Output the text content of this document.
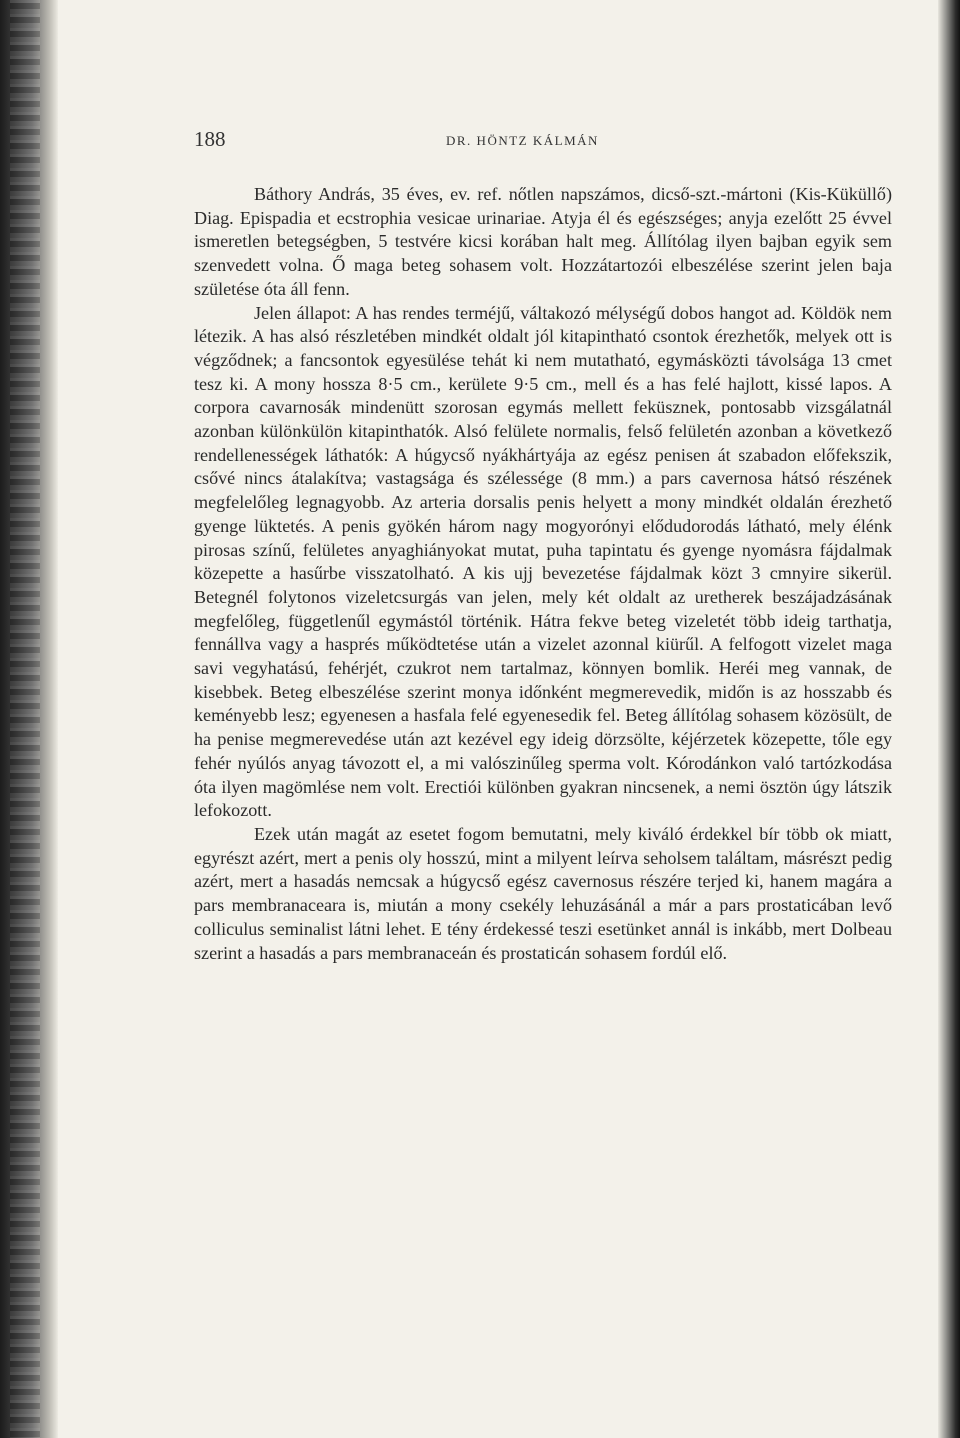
188	DR. HÖNTZ KÁLMÁN

Báthory András, 35 éves, ev. ref. nőtlen napszámos, dicső-szt.-mártoni (Kis-Küküllő) Diag. Epispadia et ecstrophia vesicae urinariae. Atyja él és egészséges; anyja ezelőtt 25 évvel ismeretlen betegségben, 5 testvére kicsi korában halt meg. Állítólag ilyen bajban egyik sem szenvedett volna. Ő maga beteg sohasem volt. Hozzátartozói elbeszélése szerint jelen baja születése óta áll fenn.

Jelen állapot: A has rendes terméjű, váltakozó mélységű dobos hangot ad. Köldök nem létezik. A has alsó részletében mindkét oldalt jól kitapintható csontok érezhetők, melyek ott is végződnek; a fancsontok egyesülése tehát ki nem mutatható, egymásközti távolsága 13 cmet tesz ki. A mony hossza 8·5 cm., kerülete 9·5 cm., mell és a has felé hajlott, kissé lapos. A corpora cavarnosák mindenütt szorosan egymás mellett feküsznek, pontosabb vizsgálatnál azonban különkülön kitapinthatók. Alsó felülete normalis, felső felületén azonban a következő rendellenességek láthatók: A húgycső nyákhártyája az egész penisen át szabadon előfekszik, csővé nincs átalakítva; vastagsága és szélessége (8 mm.) a pars cavernosa hátsó részének megfelelőleg legnagyobb. Az arteria dorsalis penis helyett a mony mindkét oldalán érezhető gyenge lüktetés. A penis gyökén három nagy mogyorónyi elődudorodás látható, mely élénk pirosas színű, felületes anyaghiányokat mutat, puha tapintatu és gyenge nyomásra fájdalmak közepette a hasűrbe visszatolható. A kis ujj bevezetése fájdalmak közt 3 cmnyire sikerül. Betegnél folytonos vizeletcsurgás van jelen, mely két oldalt az uretherek beszájadzásának megfelőleg, függetlenűl egymástól történik. Hátra fekve beteg vizeletét több ideig tarthatja, fennállva vagy a hasprés működtetése után a vizelet azonnal kiürűl. A felfogott vizelet maga savi vegyhatású, fehérjét, czukrot nem tartalmaz, könnyen bomlik. Heréi meg vannak, de kisebbek. Beteg elbeszélése szerint monya időnként megmerevedik, midőn is az hosszabb és keményebb lesz; egyenesen a hasfala felé egyenesedik fel. Beteg állítólag sohasem közösült, de ha penise megmerevedése után azt kezével egy ideig dörzsölte, kéjérzetek közepette, tőle egy fehér nyúlós anyag távozott el, a mi valószinűleg sperma volt. Kórodánkon való tartózkodása óta ilyen magömlése nem volt. Erectiói különben gyakran nincsenek, a nemi ösztön úgy látszik lefokozott.

Ezek után magát az esetet fogom bemutatni, mely kiváló érdekkel bír több ok miatt, egyrészt azért, mert a penis oly hosszú, mint a milyent leírva seholsem találtam, másrészt pedig azért, mert a hasadás nemcsak a húgycső egész cavernosus részére terjed ki, hanem magára a pars membranaceara is, miután a mony csekély lehuzásánál a már a pars prostaticában levő colliculus seminalist látni lehet. E tény érdekessé teszi esetünket annál is inkább, mert Dolbeau szerint a hasadás a pars membranaceán és prostaticán sohasem fordúl elő.
